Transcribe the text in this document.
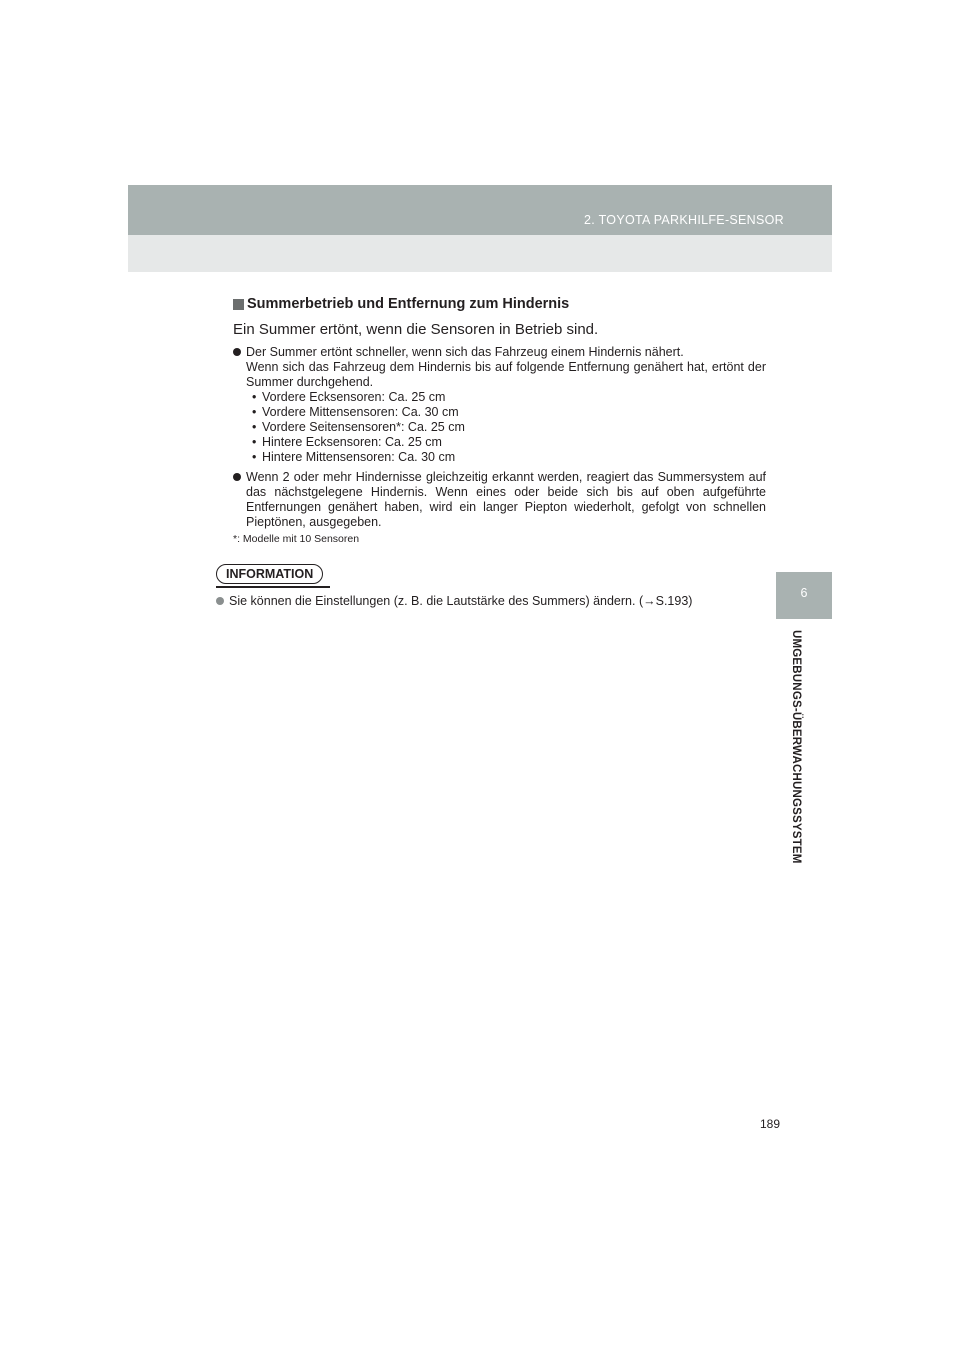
2. TOYOTA PARKHILFE-SENSOR
6
UMGEBUNGS-ÜBERWACHUNGSSYSTEM

Summerbetrieb und Entfernung zum Hindernis

Ein Summer ertönt, wenn die Sensoren in Betrieb sind.

Der Summer ertönt schneller, wenn sich das Fahrzeug einem Hindernis nähert.
Wenn sich das Fahrzeug dem Hindernis bis auf folgende Entfernung genähert hat, ertönt der Summer durchgehend.
• Vordere Ecksensoren: Ca. 25 cm
• Vordere Mittensensoren: Ca. 30 cm
• Vordere Seitensensoren*: Ca. 25 cm
• Hintere Ecksensoren: Ca. 25 cm
• Hintere Mittensensoren: Ca. 30 cm
Wenn 2 oder mehr Hindernisse gleichzeitig erkannt werden, reagiert das Summersystem auf das nächstgelegene Hindernis. Wenn eines oder beide sich bis auf oben aufgeführte Entfernungen genähert haben, wird ein langer Piepton wiederholt, gefolgt von schnellen Pieptönen, ausgegeben.
*: Modelle mit 10 Sensoren
INFORMATION
Sie können die Einstellungen (z. B. die Lautstärke des Summers) ändern. (→S.193)
189
